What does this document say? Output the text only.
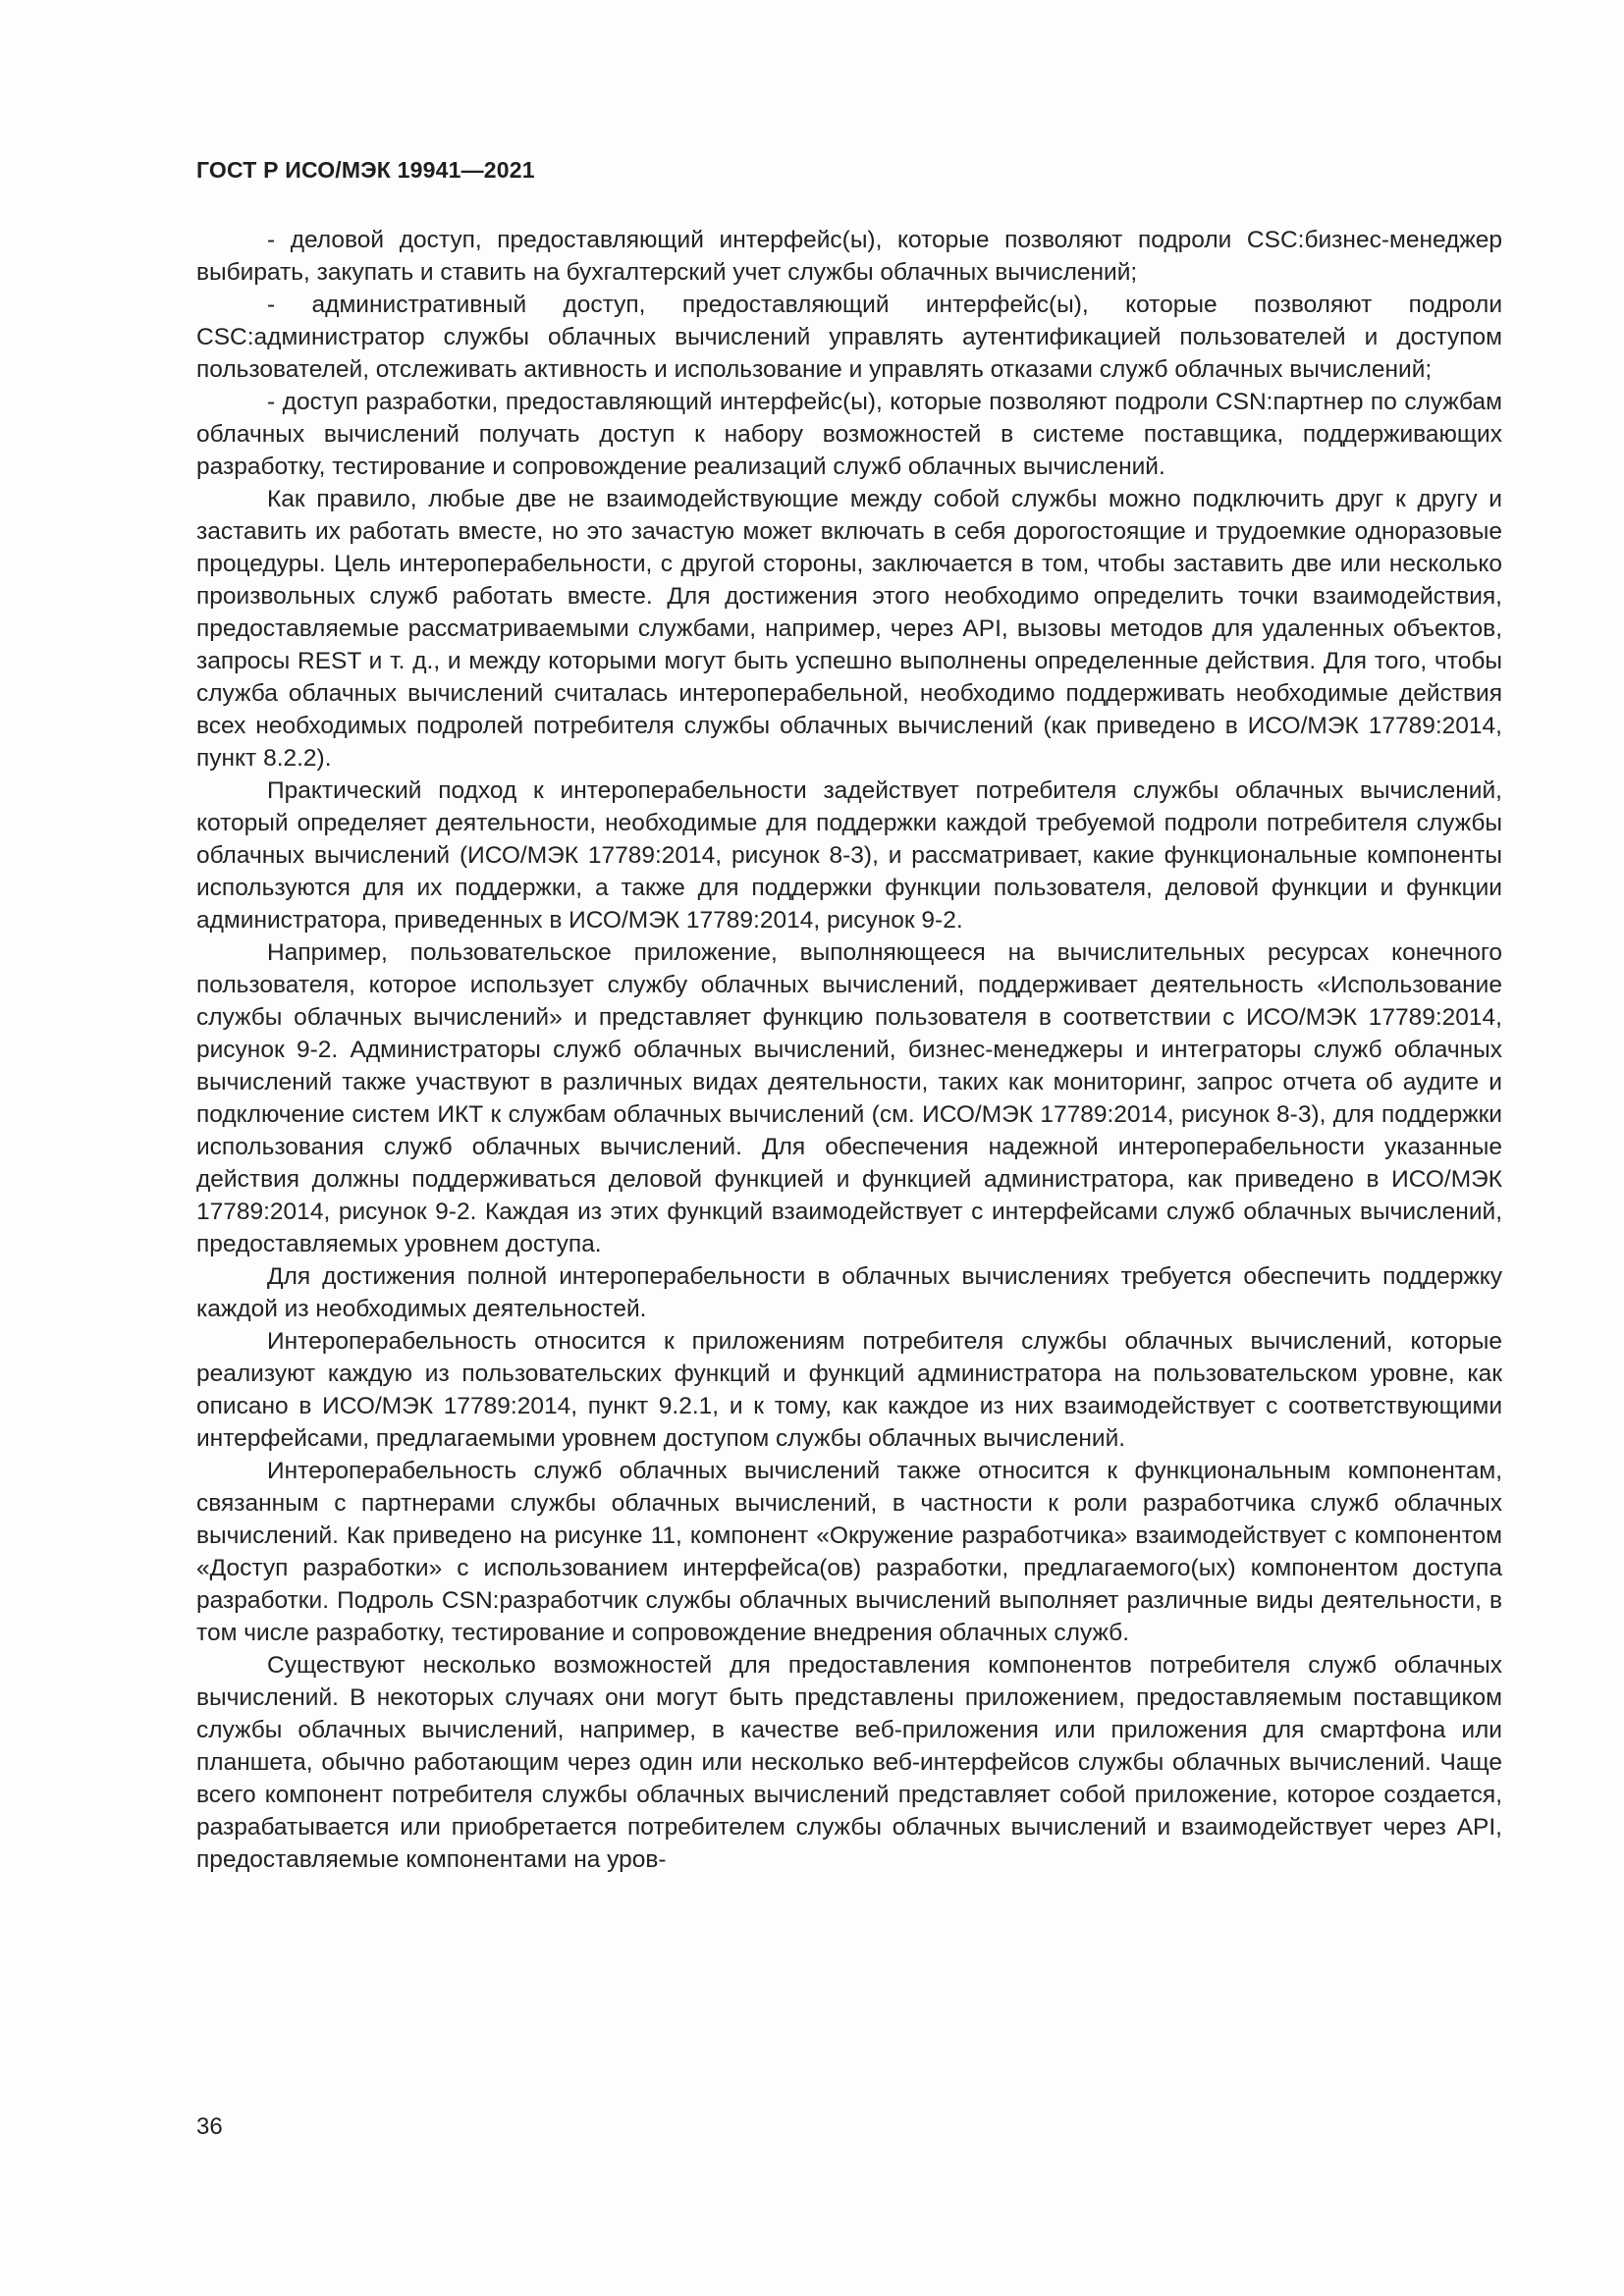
ГОСТ Р ИСО/МЭК 19941—2021

- деловой доступ, предоставляющий интерфейс(ы), которые позволяют подроли CSC:бизнес-менеджер выбирать, закупать и ставить на бухгалтерский учет службы облачных вычислений;

- административный доступ, предоставляющий интерфейс(ы), которые позволяют подроли CSC:администратор службы облачных вычислений управлять аутентификацией пользователей и доступом пользователей, отслеживать активность и использование и управлять отказами служб облачных вычислений;

- доступ разработки, предоставляющий интерфейс(ы), которые позволяют подроли CSN:партнер по службам облачных вычислений получать доступ к набору возможностей в системе поставщика, поддерживающих разработку, тестирование и сопровождение реализаций служб облачных вычислений.

Как правило, любые две не взаимодействующие между собой службы можно подключить друг к другу и заставить их работать вместе, но это зачастую может включать в себя дорогостоящие и трудоемкие одноразовые процедуры. Цель интероперабельности, с другой стороны, заключается в том, чтобы заставить две или несколько произвольных служб работать вместе. Для достижения этого необходимо определить точки взаимодействия, предоставляемые рассматриваемыми службами, например, через API, вызовы методов для удаленных объектов, запросы REST и т. д., и между которыми могут быть успешно выполнены определенные действия. Для того, чтобы служба облачных вычислений считалась интероперабельной, необходимо поддерживать необходимые действия всех необходимых подролей потребителя службы облачных вычислений (как приведено в ИСО/МЭК 17789:2014, пункт 8.2.2).

Практический подход к интероперабельности задействует потребителя службы облачных вычислений, который определяет деятельности, необходимые для поддержки каждой требуемой подроли потребителя службы облачных вычислений (ИСО/МЭК 17789:2014, рисунок 8-3), и рассматривает, какие функциональные компоненты используются для их поддержки, а также для поддержки функции пользователя, деловой функции и функции администратора, приведенных в ИСО/МЭК 17789:2014, рисунок 9-2.

Например, пользовательское приложение, выполняющееся на вычислительных ресурсах конечного пользователя, которое использует службу облачных вычислений, поддерживает деятельность «Использование службы облачных вычислений» и представляет функцию пользователя в соответствии с ИСО/МЭК 17789:2014, рисунок 9-2. Администраторы служб облачных вычислений, бизнес-менеджеры и интеграторы служб облачных вычислений также участвуют в различных видах деятельности, таких как мониторинг, запрос отчета об аудите и подключение систем ИКТ к службам облачных вычислений (см. ИСО/МЭК 17789:2014, рисунок 8-3), для поддержки использования служб облачных вычислений. Для обеспечения надежной интероперабельности указанные действия должны поддерживаться деловой функцией и функцией администратора, как приведено в ИСО/МЭК 17789:2014, рисунок 9-2. Каждая из этих функций взаимодействует с интерфейсами служб облачных вычислений, предоставляемых уровнем доступа.

Для достижения полной интероперабельности в облачных вычислениях требуется обеспечить поддержку каждой из необходимых деятельностей.

Интероперабельность относится к приложениям потребителя службы облачных вычислений, которые реализуют каждую из пользовательских функций и функций администратора на пользовательском уровне, как описано в ИСО/МЭК 17789:2014, пункт 9.2.1, и к тому, как каждое из них взаимодействует с соответствующими интерфейсами, предлагаемыми уровнем доступом службы облачных вычислений.

Интероперабельность служб облачных вычислений также относится к функциональным компонентам, связанным с партнерами службы облачных вычислений, в частности к роли разработчика служб облачных вычислений. Как приведено на рисунке 11, компонент «Окружение разработчика» взаимодействует с компонентом «Доступ разработки» с использованием интерфейса(ов) разработки, предлагаемого(ых) компонентом доступа разработки. Подроль CSN:разработчик службы облачных вычислений выполняет различные виды деятельности, в том числе разработку, тестирование и сопровождение внедрения облачных служб.

Существуют несколько возможностей для предоставления компонентов потребителя служб облачных вычислений. В некоторых случаях они могут быть представлены приложением, предоставляемым поставщиком службы облачных вычислений, например, в качестве веб-приложения или приложения для смартфона или планшета, обычно работающим через один или несколько веб-интерфейсов службы облачных вычислений. Чаще всего компонент потребителя службы облачных вычислений представляет собой приложение, которое создается, разрабатывается или приобретается потребителем службы облачных вычислений и взаимодействует через API, предоставляемые компонентами на уров-

36
